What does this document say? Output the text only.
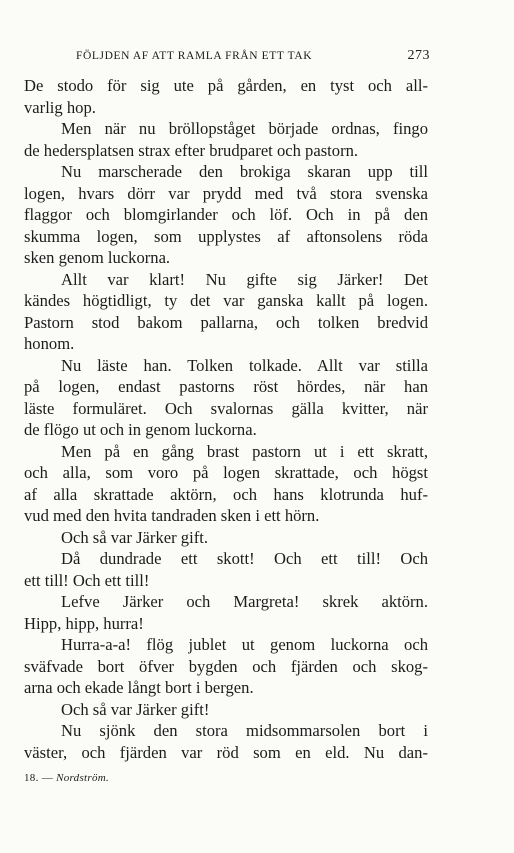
FÖLJDEN AF ATT RAMLA FRÅN ETT TAK	273
De stodo för sig ute på gården, en tyst och all-
varlig hop.
Men när nu bröllopståget började ordnas, fingo
de hedersplatsen strax efter brudparet och pastorn.
Nu marscherade den brokiga skaran upp till
logen, hvars dörr var prydd med två stora svenska
flaggor och blomgirlander och löf. Och in på den
skumma logen, som upplystes af aftonsolens röda
sken genom luckorna.
Allt var klart! Nu gifte sig Järker! Det
kändes högtidligt, ty det var ganska kallt på logen.
Pastorn stod bakom pallarna, och tolken bredvid
honom.
Nu läste han. Tolken tolkade. Allt var stilla
på logen, endast pastorns röst hördes, när han
läste formuläret. Och svalornas gälla kvitter, när
de flögo ut och in genom luckorna.
Men på en gång brast pastorn ut i ett skratt,
och alla, som voro på logen skrattade, och högst
af alla skrattade aktörn, och hans klotrunda huf-
vud med den hvita tandraden sken i ett hörn.
Och så var Järker gift.
Då dundrade ett skott! Och ett till! Och
ett till! Och ett till!
Lefve Järker och Margreta! skrek aktörn.
Hipp, hipp, hurra!
Hurra-a-a! flög jublet ut genom luckorna och
sväfvade bort öfver bygden och fjärden och skog-
arna och ekade långt bort i bergen.
Och så var Järker gift!
Nu sjönk den stora midsommarsolen bort i
väster, och fjärden var röd som en eld. Nu dan-
18. — Nordström.
